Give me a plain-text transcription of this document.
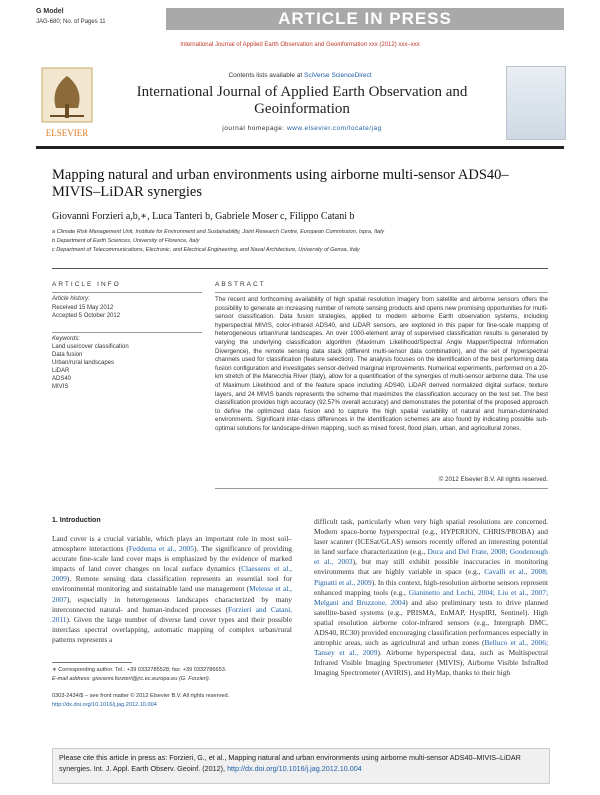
G Model
JAG-680; No. of Pages 11	ARTICLE IN PRESS
International Journal of Applied Earth Observation and Geoinformation xxx (2012) xxx–xxx
ELSEVIER
Contents lists available at SciVerse ScienceDirect
International Journal of Applied Earth Observation and Geoinformation
journal homepage: www.elsevier.com/locate/jag
Mapping natural and urban environments using airborne multi-sensor ADS40–MIVIS–LiDAR synergies
Giovanni Forzieri a,b,∗, Luca Tanteri b, Gabriele Moser c, Filippo Catani b
a Climate Risk Management Unit, Institute for Environment and Sustainability, Joint Research Centre, European Commission, Ispra, Italy
b Department of Earth Sciences, University of Florence, Italy
c Department of Telecommunications, Electronic, and Electrical Engineering, and Naval Architecture, University of Genoa, Italy
ARTICLE INFO
Article history:
Received 15 May 2012
Accepted 5 October 2012
Keywords:
Land use/cover classification
Data fusion
Urban/rural landscapes
LiDAR
ADS40
MIVIS
ABSTRACT
The recent and forthcoming availability of high spatial resolution imagery from satellite and airborne sensors offers the possibility to generate an increasing number of remote sensing products and opens new promising opportunities for multi-sensor classification. Data fusion strategies, applied to modern airborne Earth observation systems, including hyperspectral MIVIS, color-infrared ADS40, and LiDAR sensors, are explored in this paper for fine-scale mapping of heterogeneous urban/rural landscapes. An over 1000-element array of supervised classification results is generated by varying the underlying classification algorithm (Maximum Likelihood/Spectral Angle Mapper/Spectral Information Divergence), the remote sensing data stack (different multi-sensor data combination), and the set of hyperspectral channels used for classification (feature selection). The analysis focuses on the identification of the best performing data fusion configuration and investigates sensor-derived marginal improvements. Numerical experiments, performed on a 20-km stretch of the Marecchia River (Italy), allow for a quantification of the synergies of multi-sensor airborne data. The use of Maximum Likelihood and of the feature space including ADS40, LiDAR derived normalized digital surface, texture layers, and 24 MIVIS bands represents the scheme that maximizes the classification accuracy on the test set. The best classification provides high accuracy (92.57% overall accuracy) and demonstrates the potential of the proposed approach to define the optimized data fusion and to capture the high spatial variability of natural and human-dominated environments. Significant inter-class differences in the identification schemes are also found by indicating possible sub-optimal solutions for landscape-driven mapping, such as mixed forest, flood plain, urban, and agricultural zones.
© 2012 Elsevier B.V. All rights reserved.
1. Introduction
Land cover is a crucial variable, which plays an important role in most soil–atmosphere interactions (Feddema et al., 2005). The significance of providing accurate fine-scale land cover maps is emphasized by the evidence of marked impacts of land cover changes on local surface dynamics (Claessens et al., 2009). Remote sensing data classification represents an essential tool for environmental monitoring and sustainable land use management (Melesse et al., 2007), especially in heterogeneous landscapes characterized by many interconnected natural- and human-induced processes (Forzieri and Catani, 2011). Given the large number of diverse land cover types and their possible interclass spectral overlapping, automatic mapping of complex urban/rural patterns represents a
difficult task, particularly when very high spatial resolutions are concerned. Modern space-borne hyperspectral (e.g., HYPERION, CHRIS/PROBA) and laser scanner (ICESat/GLAS) sensors recently offered an interesting potential in land surface characterization (e.g., Duca and Del Frate, 2008; Goodenough et al., 2003), but may still exhibit possible inaccuracies in monitoring environments that are highly variable in space (e.g., Cavalli et al., 2008; Pignatti et al., 2009). In this context, high-resolution airborne sensors represent enhanced mapping tools (e.g., Gianinetto and Lechi, 2004; Liu et al., 2007; Melgani and Bruzzone, 2004) and also preliminary tests to drive planned satellite-based systems (e.g., PRISMA, EnMAP, HyspIRI, Sentinel). High spatial resolution airborne color-infrared sensors (e.g., Intergraph DMC, ADS40, RC30) provided encouraging classification performances especially in antrophic areas, such as agricultural and urban zones (Belluco et al., 2006; Tansey et al., 2009). Airborne hyperspectral data, such as Multispectral Infrared Visible Imaging Spectrometer (MIVIS), Airborne Visible InfraRed Imaging Spectrometer (AVIRIS), and HyMap, thanks to their high
∗ Corresponding author. Tel.: +39 0332785528; fax: +39 0332786653.
E-mail address: giovanni.forzieri@jrc.ec.europa.eu (G. Forzieri).
0303-2434/$ – see front matter © 2012 Elsevier B.V. All rights reserved.
http://dx.doi.org/10.1016/j.jag.2012.10.004
Please cite this article in press as: Forzieri, G., et al., Mapping natural and urban environments using airborne multi-sensor ADS40–MIVIS–LiDAR synergies. Int. J. Appl. Earth Observ. Geoinf. (2012), http://dx.doi.org/10.1016/j.jag.2012.10.004
